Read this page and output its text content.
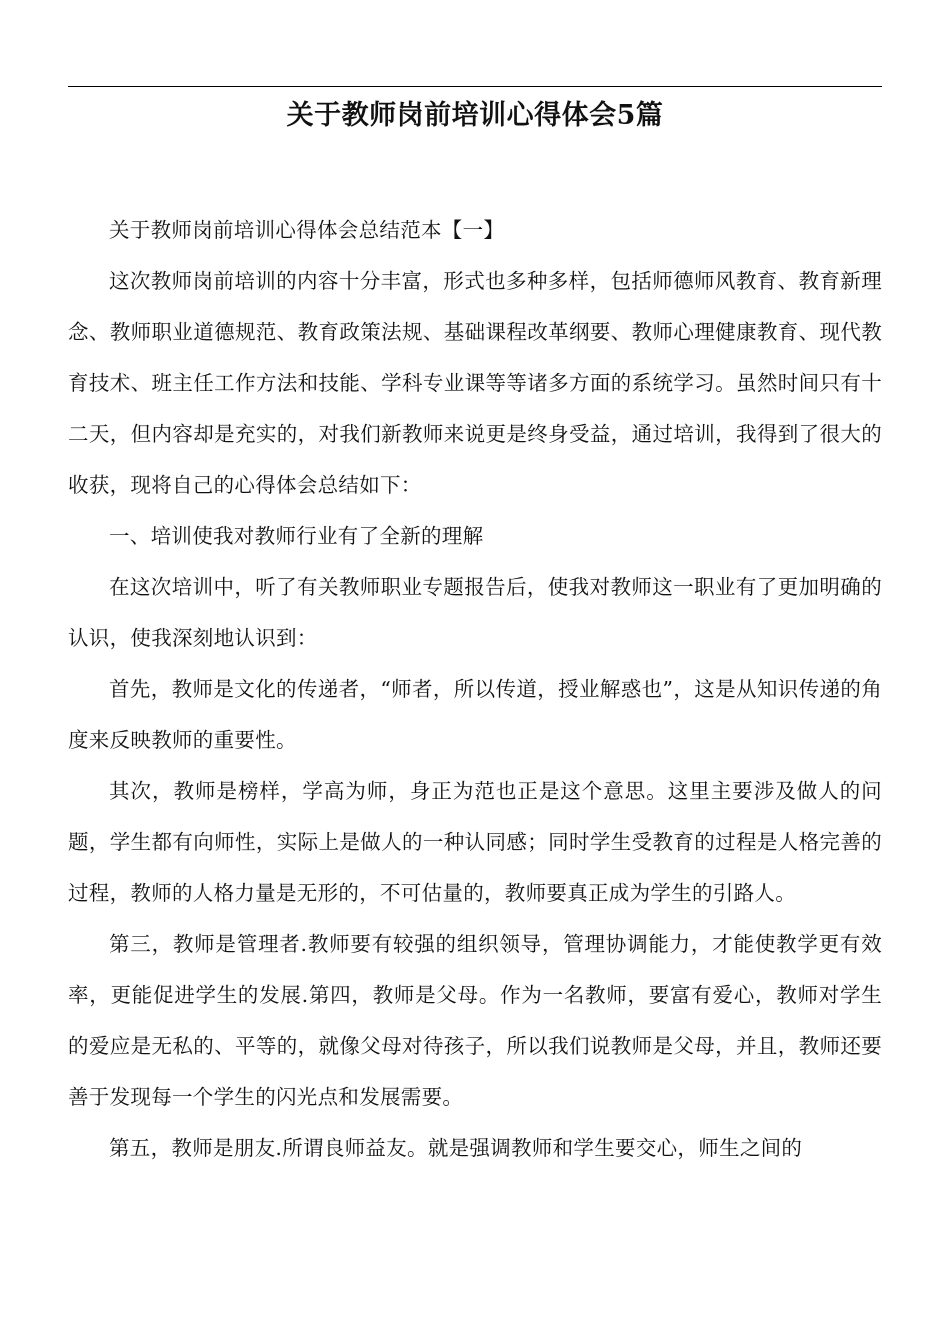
关于教师岗前培训心得体会5篇

关于教师岗前培训心得体会总结范本【一】

这次教师岗前培训的内容十分丰富，形式也多种多样，包括师德师风教育、教育新理念、教师职业道德规范、教育政策法规、基础课程改革纲要、教师心理健康教育、现代教育技术、班主任工作方法和技能、学科专业课等等诸多方面的系统学习。虽然时间只有十二天，但内容却是充实的，对我们新教师来说更是终身受益，通过培训，我得到了很大的收获，现将自己的心得体会总结如下：

一、培训使我对教师行业有了全新的理解

在这次培训中，听了有关教师职业专题报告后，使我对教师这一职业有了更加明确的认识，使我深刻地认识到：

首先，教师是文化的传递者，“师者，所以传道，授业解惑也”，这是从知识传递的角度来反映教师的重要性。

其次，教师是榜样，学高为师，身正为范也正是这个意思。这里主要涉及做人的问题，学生都有向师性，实际上是做人的一种认同感；同时学生受教育的过程是人格完善的过程，教师的人格力量是无形的，不可估量的，教师要真正成为学生的引路人。

第三，教师是管理者.教师要有较强的组织领导，管理协调能力，才能使教学更有效率，更能促进学生的发展.第四，教师是父母。作为一名教师，要富有爱心，教师对学生的爱应是无私的、平等的，就像父母对待孩子，所以我们说教师是父母，并且，教师还要善于发现每一个学生的闪光点和发展需要。

第五，教师是朋友.所谓良师益友。就是强调教师和学生要交心，师生之间的
